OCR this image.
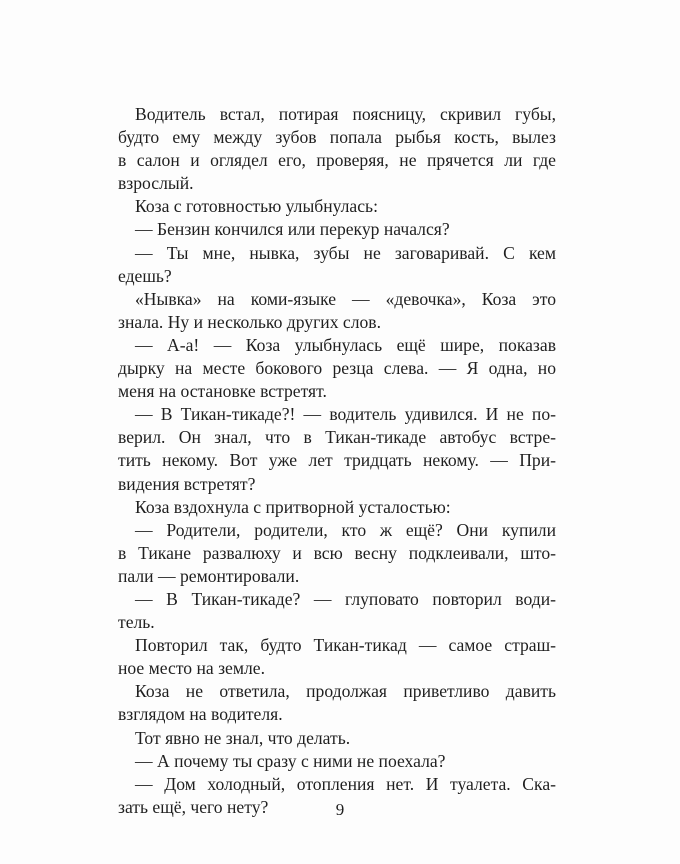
Водитель встал, потирая поясницу, скривил губы,
будто ему между зубов попала рыбья кость, вылез
в салон и оглядел его, проверяя, не прячется ли где
взрослый.
Коза с готовностью улыбнулась:
— Бензин кончился или перекур начался?
— Ты мне, нывка, зубы не заговаривай. С кем
едешь?
«Нывка» на коми-языке — «девочка», Коза это
знала. Ну и несколько других слов.
— А-а! — Коза улыбнулась ещё шире, показав
дырку на месте бокового резца слева. — Я одна, но
меня на остановке встретят.
— В Тикан-тикаде?! — водитель удивился. И не по-
верил. Он знал, что в Тикан-тикаде автобус встре-
тить некому. Вот уже лет тридцать некому. — При-
видения встретят?
Коза вздохнула с притворной усталостью:
— Родители, родители, кто ж ещё? Они купили
в Тикане развалюху и всю весну подклеивали, што-
пали — ремонтировали.
— В Тикан-тикаде? — глуповато повторил води-
тель.
Повторил так, будто Тикан-тикад — самое страш-
ное место на земле.
Коза не ответила, продолжая приветливо давить
взглядом на водителя.
Тот явно не знал, что делать.
— А почему ты сразу с ними не поехала?
— Дом холодный, отопления нет. И туалета. Ска-
зать ещё, чего нету?	9
